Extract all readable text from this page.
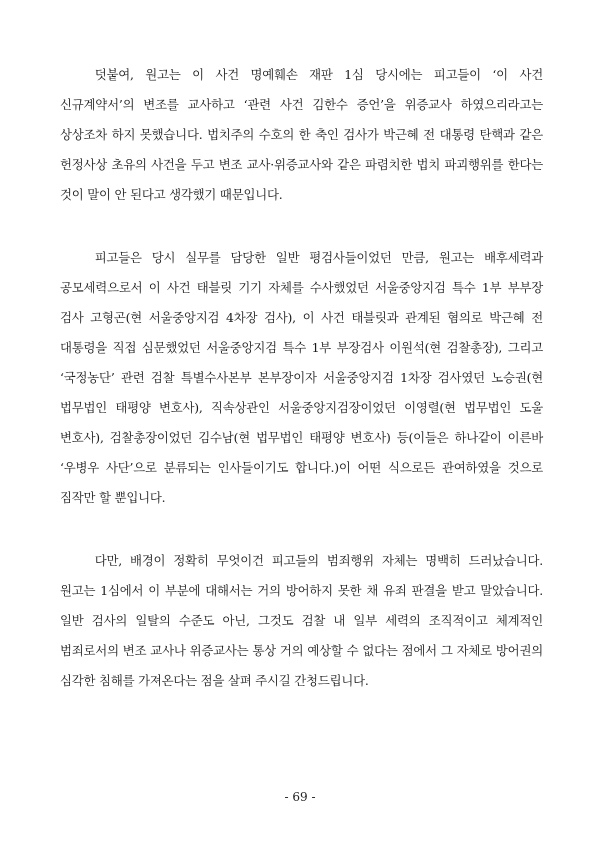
덧붙여, 원고는 이 사건 명예훼손 재판 1심 당시에는 피고들이 ‘이 사건 신규계약서’의 변조를 교사하고 ‘관련 사건 김한수 증언’을 위증교사 하였으리라고는 상상조차 하지 못했습니다. 법치주의 수호의 한 축인 검사가 박근혜 전 대통령 탄핵과 같은 헌정사상 초유의 사건을 두고 변조 교사·위증교사와 같은 파렴치한 법치 파괴행위를 한다는 것이 말이 안 된다고 생각했기 때문입니다.

피고들은 당시 실무를 담당한 일반 평검사들이었던 만큼, 원고는 배후세력과 공모세력으로서 이 사건 태블릿 기기 자체를 수사했었던 서울중앙지검 특수 1부 부부장 검사 고형곤(현 서울중앙지검 4차장 검사), 이 사건 태블릿과 관계된 혐의로 박근혜 전 대통령을 직접 심문했었던 서울중앙지검 특수 1부 부장검사 이원석(현 검찰총장), 그리고 ‘국정농단’ 관련 검찰 특별수사본부 본부장이자 서울중앙지검 1차장 검사였던 노승권(현 법무법인 태평양 변호사), 직속상관인 서울중앙지검장이었던 이영렬(현 법무법인 도울 변호사), 검찰총장이었던 김수남(현 법무법인 태평양 변호사) 등(이들은 하나같이 이른바 ‘우병우 사단’으로 분류되는 인사들이기도 합니다.)이 어떤 식으로든 관여하였을 것으로 짐작만 할 뿐입니다.

다만, 배경이 정확히 무엇이건 피고들의 범죄행위 자체는 명백히 드러났습니다. 원고는 1심에서 이 부분에 대해서는 거의 방어하지 못한 채 유죄 판결을 받고 말았습니다. 일반 검사의 일탈의 수준도 아닌, 그것도 검찰 내 일부 세력의 조직적이고 체계적인 범죄로서의 변조 교사나 위증교사는 통상 거의 예상할 수 없다는 점에서 그 자체로 방어권의 심각한 침해를 가져온다는 점을 살펴 주시길 간청드립니다.

- 69 -
